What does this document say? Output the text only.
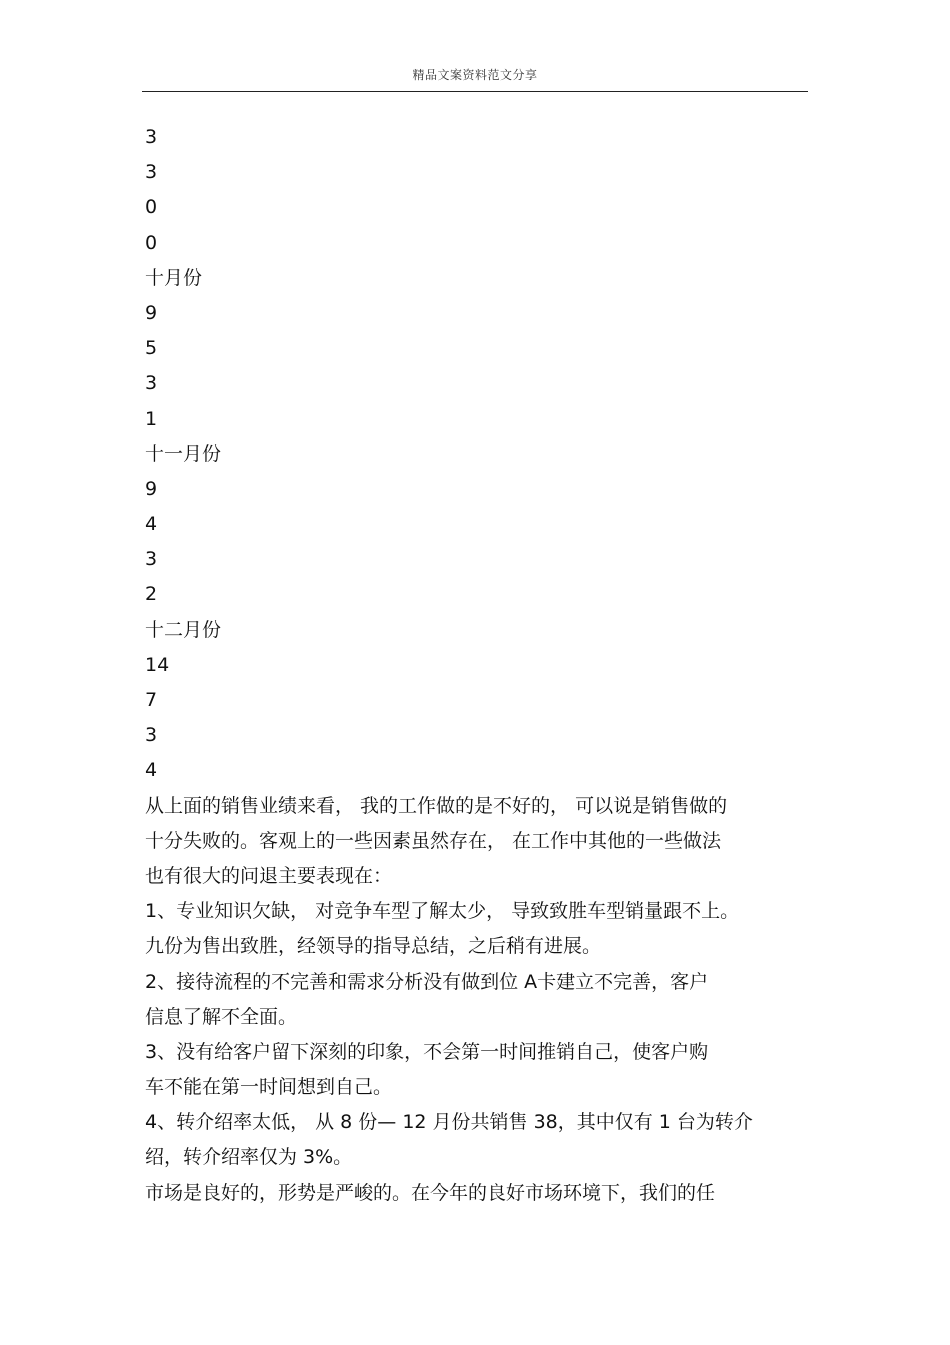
精品文案资料范文分享
3
3
0
0
十月份
9
5
3
1
十一月份
9
4
3
2
十二月份
14
7
3
4
从上面的销售业绩来看， 我的工作做的是不好的， 可以说是销售做的
十分失败的。客观上的一些因素虽然存在， 在工作中其他的一些做法
也有很大的问退主要表现在：
1、专业知识欠缺， 对竞争车型了解太少， 导致致胜车型销量跟不上。
九份为售出致胜，经领导的指导总结，之后稍有进展。
2、接待流程的不完善和需求分析没有做到位 A卡建立不完善，客户
信息了解不全面。
3、没有给客户留下深刻的印象，不会第一时间推销自己，使客户购
车不能在第一时间想到自己。
4、转介绍率太低， 从 8 份— 12 月份共销售 38，其中仅有 1 台为转介
绍，转介绍率仅为 3%。
市场是良好的，形势是严峻的。在今年的良好市场环境下，我们的任
